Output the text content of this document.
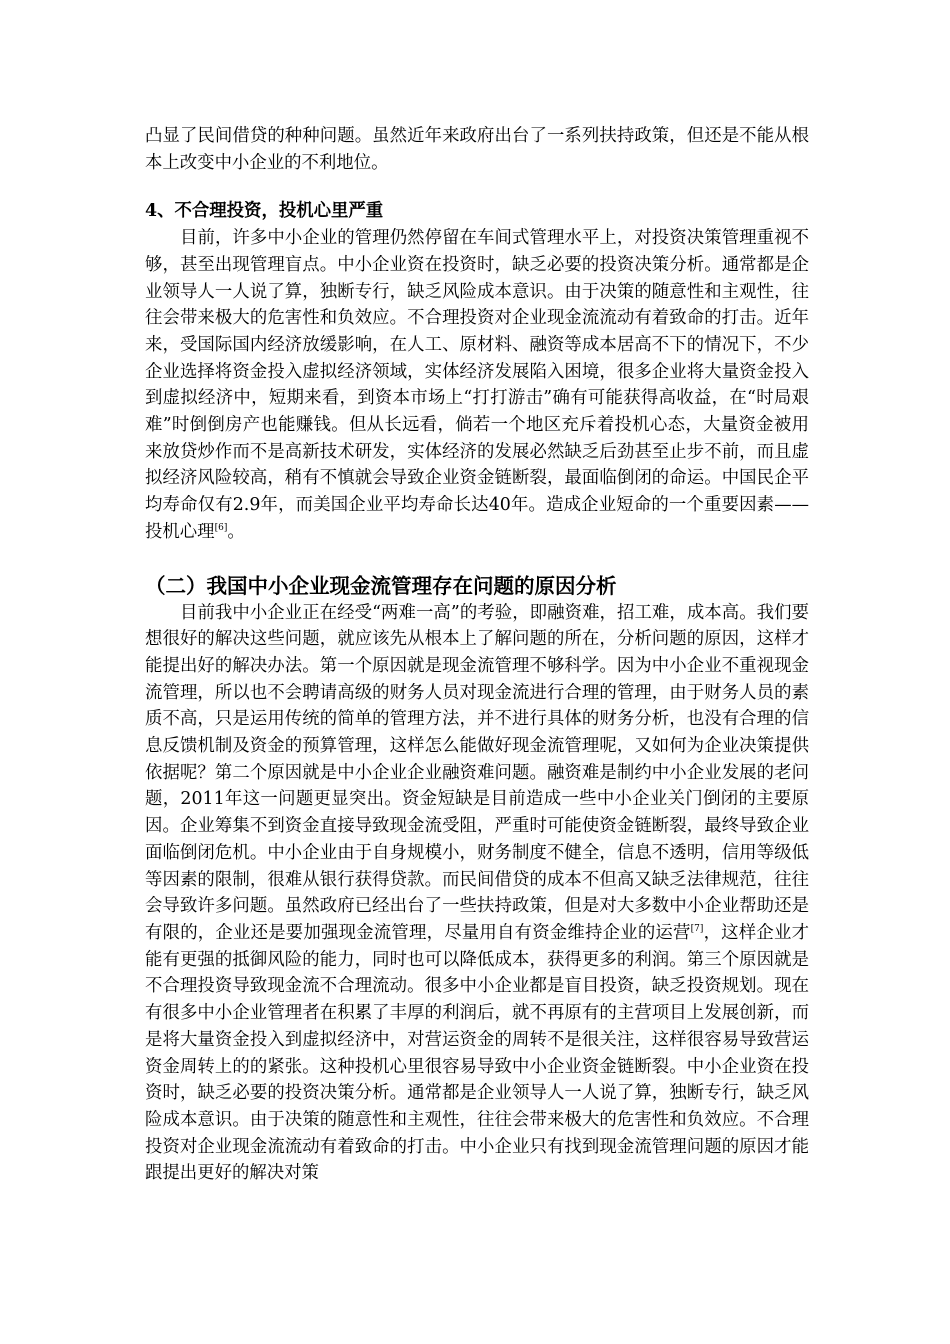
凸显了民间借贷的种种问题。虽然近年来政府出台了一系列扶持政策，但还是不能从根本上改变中小企业的不利地位。

4、不合理投资，投机心里严重

目前，许多中小企业的管理仍然停留在车间式管理水平上，对投资决策管理重视不够，甚至出现管理盲点。中小企业资在投资时，缺乏必要的投资决策分析。通常都是企业领导人一人说了算，独断专行，缺乏风险成本意识。由于决策的随意性和主观性，往往会带来极大的危害性和负效应。不合理投资对企业现金流流动有着致命的打击。近年来，受国际国内经济放缓影响，在人工、原材料、融资等成本居高不下的情况下，不少企业选择将资金投入虚拟经济领域，实体经济发展陷入困境，很多企业将大量资金投入到虚拟经济中，短期来看，到资本市场上“打打游击”确有可能获得高收益，在“时局艰难”时倒倒房产也能赚钱。但从长远看，倘若一个地区充斥着投机心态，大量资金被用来放贷炒作而不是高新技术研发，实体经济的发展必然缺乏后劲甚至止步不前，而且虚拟经济风险较高，稍有不慎就会导致企业资金链断裂，最面临倒闭的命运。中国民企平均寿命仅有2.9年，而美国企业平均寿命长达40年。造成企业短命的一个重要因素——投机心理[6]。

（二）我国中小企业现金流管理存在问题的原因分析

目前我中小企业正在经受“两难一高”的考验，即融资难，招工难，成本高。我们要想很好的解决这些问题，就应该先从根本上了解问题的所在，分析问题的原因，这样才能提出好的解决办法。第一个原因就是现金流管理不够科学。因为中小企业不重视现金流管理，所以也不会聘请高级的财务人员对现金流进行合理的管理，由于财务人员的素质不高，只是运用传统的简单的管理方法，并不进行具体的财务分析，也没有合理的信息反馈机制及资金的预算管理，这样怎么能做好现金流管理呢，又如何为企业决策提供依据呢？第二个原因就是中小企业企业融资难问题。融资难是制约中小企业发展的老问题，2011年这一问题更显突出。资金短缺是目前造成一些中小企业关门倒闭的主要原因。企业筹集不到资金直接导致现金流受阻，严重时可能使资金链断裂，最终导致企业面临倒闭危机。中小企业由于自身规模小，财务制度不健全，信息不透明，信用等级低等因素的限制，很难从银行获得贷款。而民间借贷的成本不但高又缺乏法律规范，往往会导致许多问题。虽然政府已经出台了一些扶持政策，但是对大多数中小企业帮助还是有限的，企业还是要加强现金流管理，尽量用自有资金维持企业的运营[7]，这样企业才能有更强的抵御风险的能力，同时也可以降低成本，获得更多的利润。第三个原因就是不合理投资导致现金流不合理流动。很多中小企业都是盲目投资，缺乏投资规划。现在有很多中小企业管理者在积累了丰厚的利润后，就不再原有的主营项目上发展创新，而是将大量资金投入到虚拟经济中，对营运资金的周转不是很关注，这样很容易导致营运资金周转上的的紧张。这种投机心里很容易导致中小企业资金链断裂。中小企业资在投资时，缺乏必要的投资决策分析。通常都是企业领导人一人说了算，独断专行，缺乏风险成本意识。由于决策的随意性和主观性，往往会带来极大的危害性和负效应。不合理投资对企业现金流流动有着致命的打击。中小企业只有找到现金流管理问题的原因才能跟提出更好的解决对策
